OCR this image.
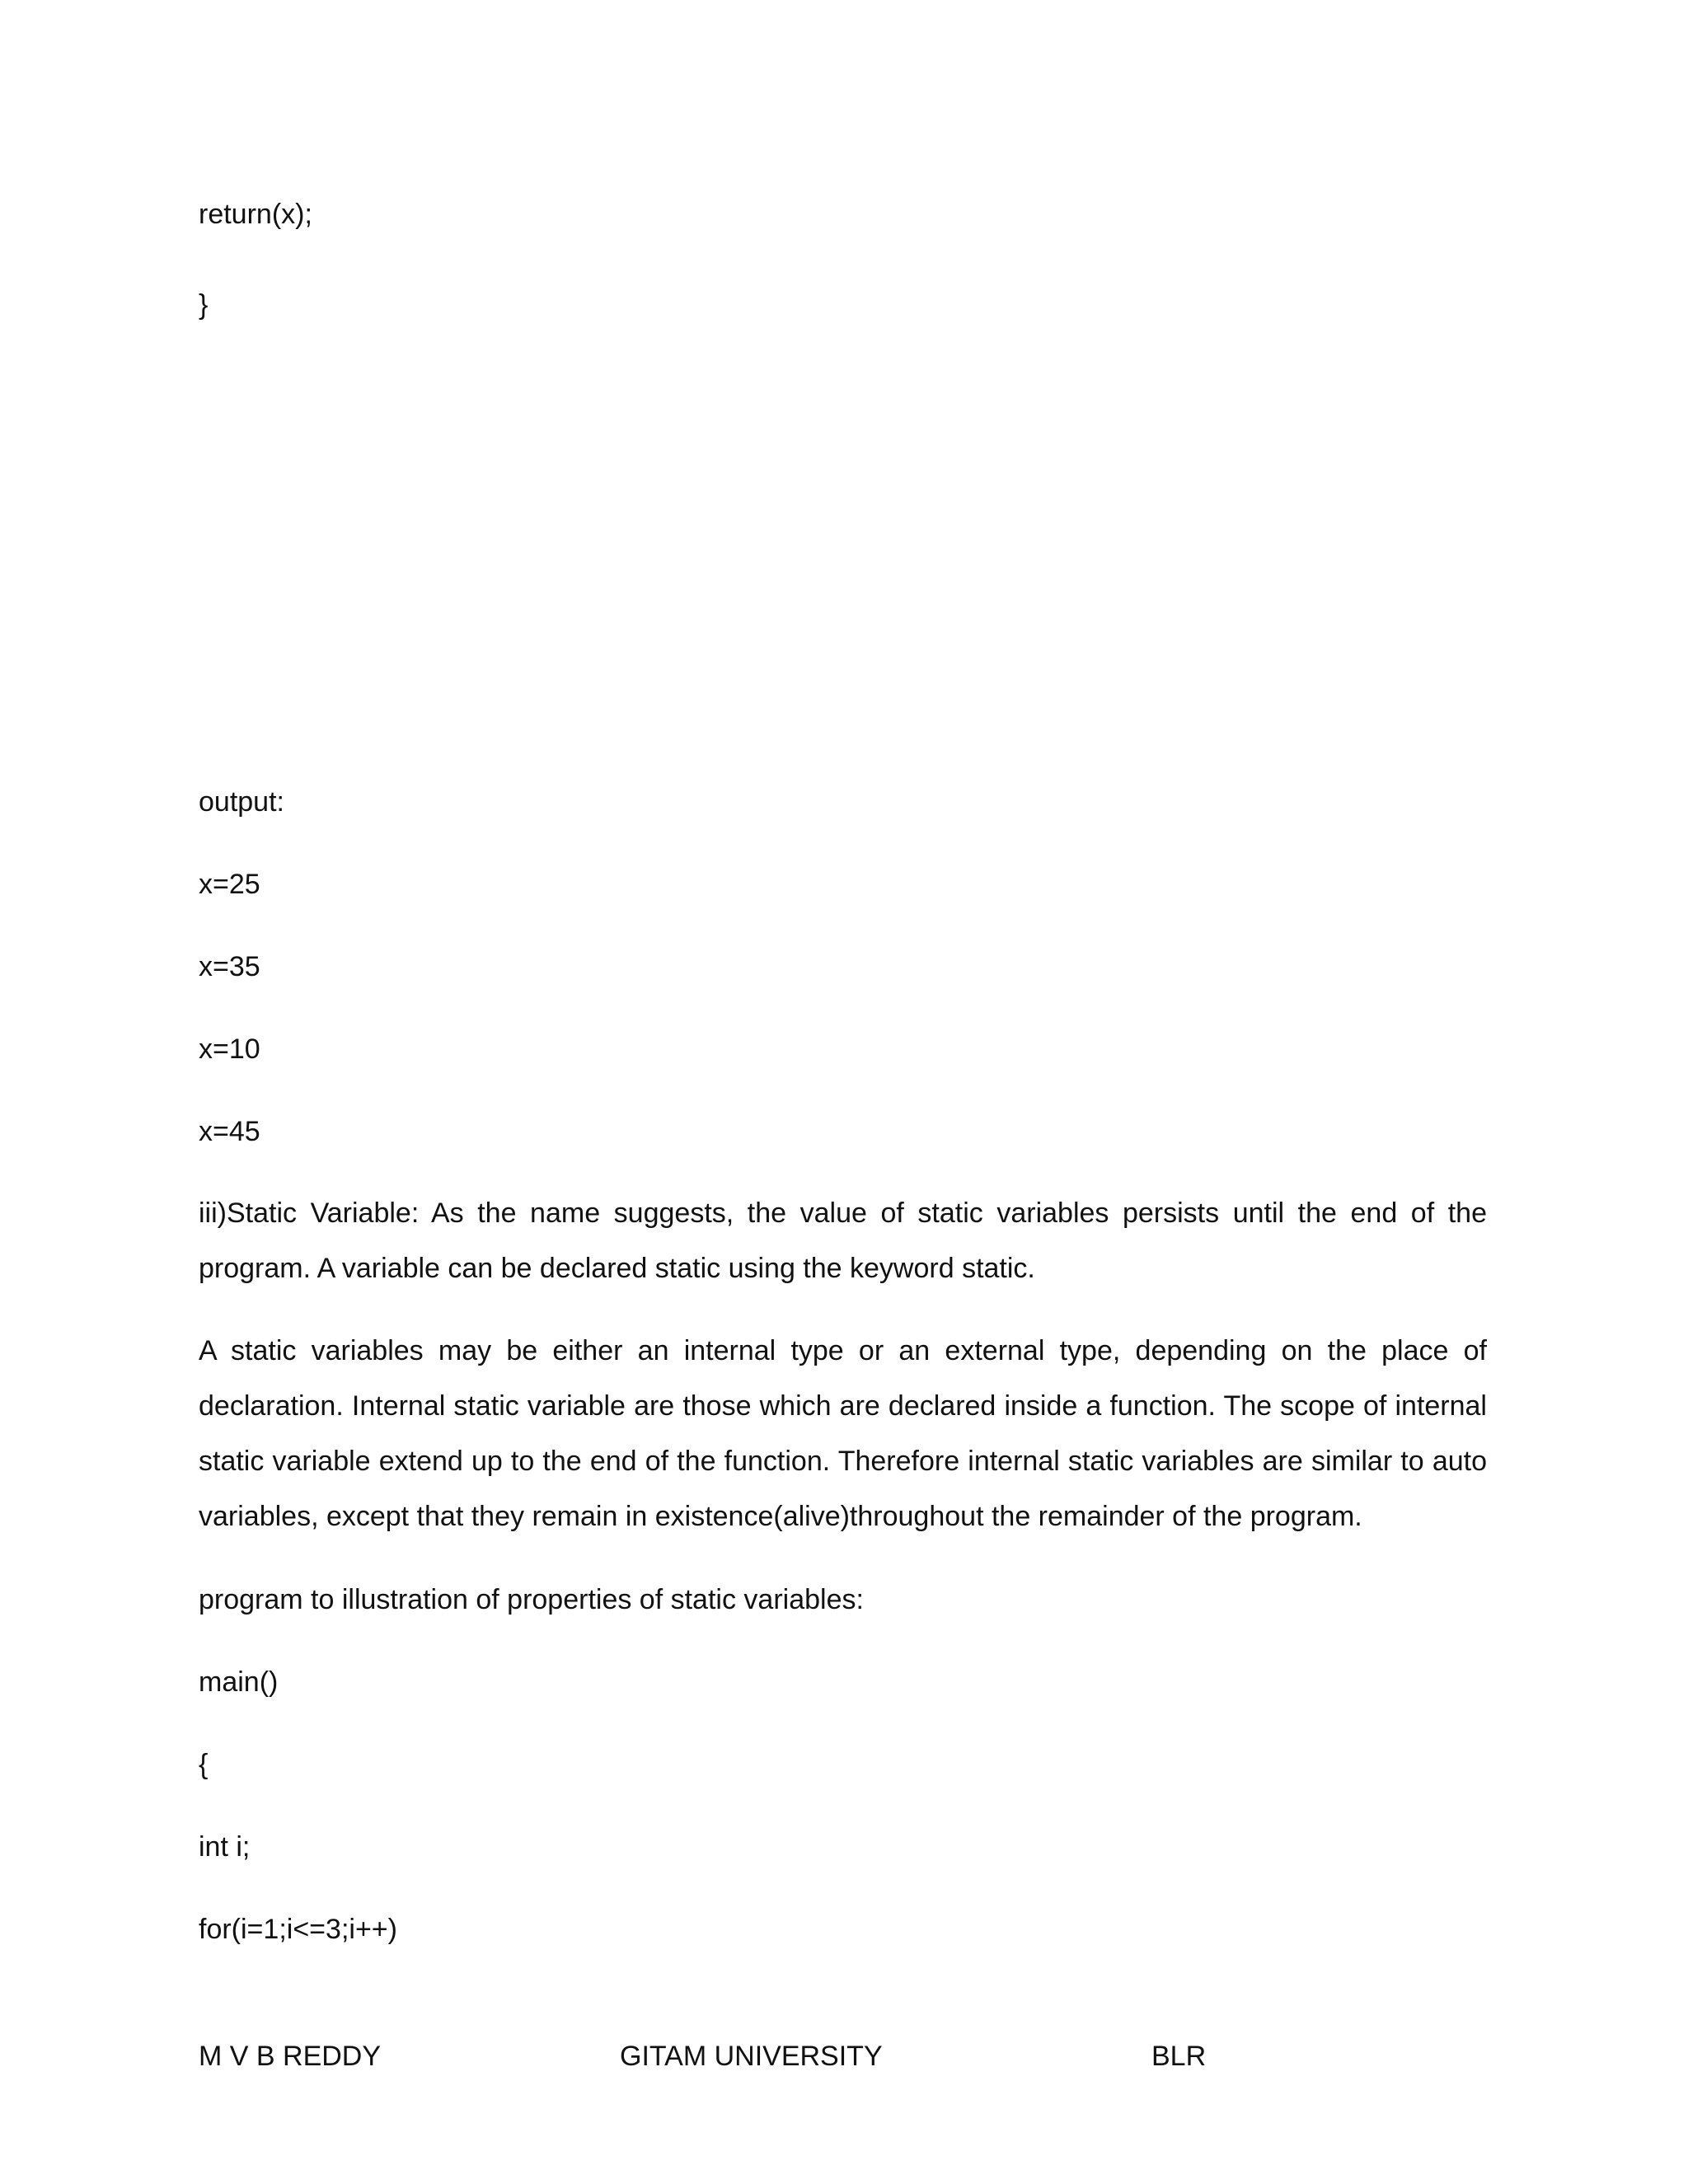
return(x);
}
output:
x=25
x=35
x=10
x=45

iii)Static Variable: As the name suggests, the value of static variables persists until the end of the program. A variable can be declared static using the keyword static.

A static variables may be either an internal type or an external type, depending on the place of declaration. Internal static variable are those which are declared inside a function. The scope of internal static variable extend up to the end of the function. Therefore internal static variables are similar to auto variables, except that they remain in existence(alive)throughout the remainder of the program.

program to illustration of properties of static variables:
main()
{
int i;
for(i=1;i<=3;i++)
M V B REDDY	GITAM UNIVERSITY	BLR
